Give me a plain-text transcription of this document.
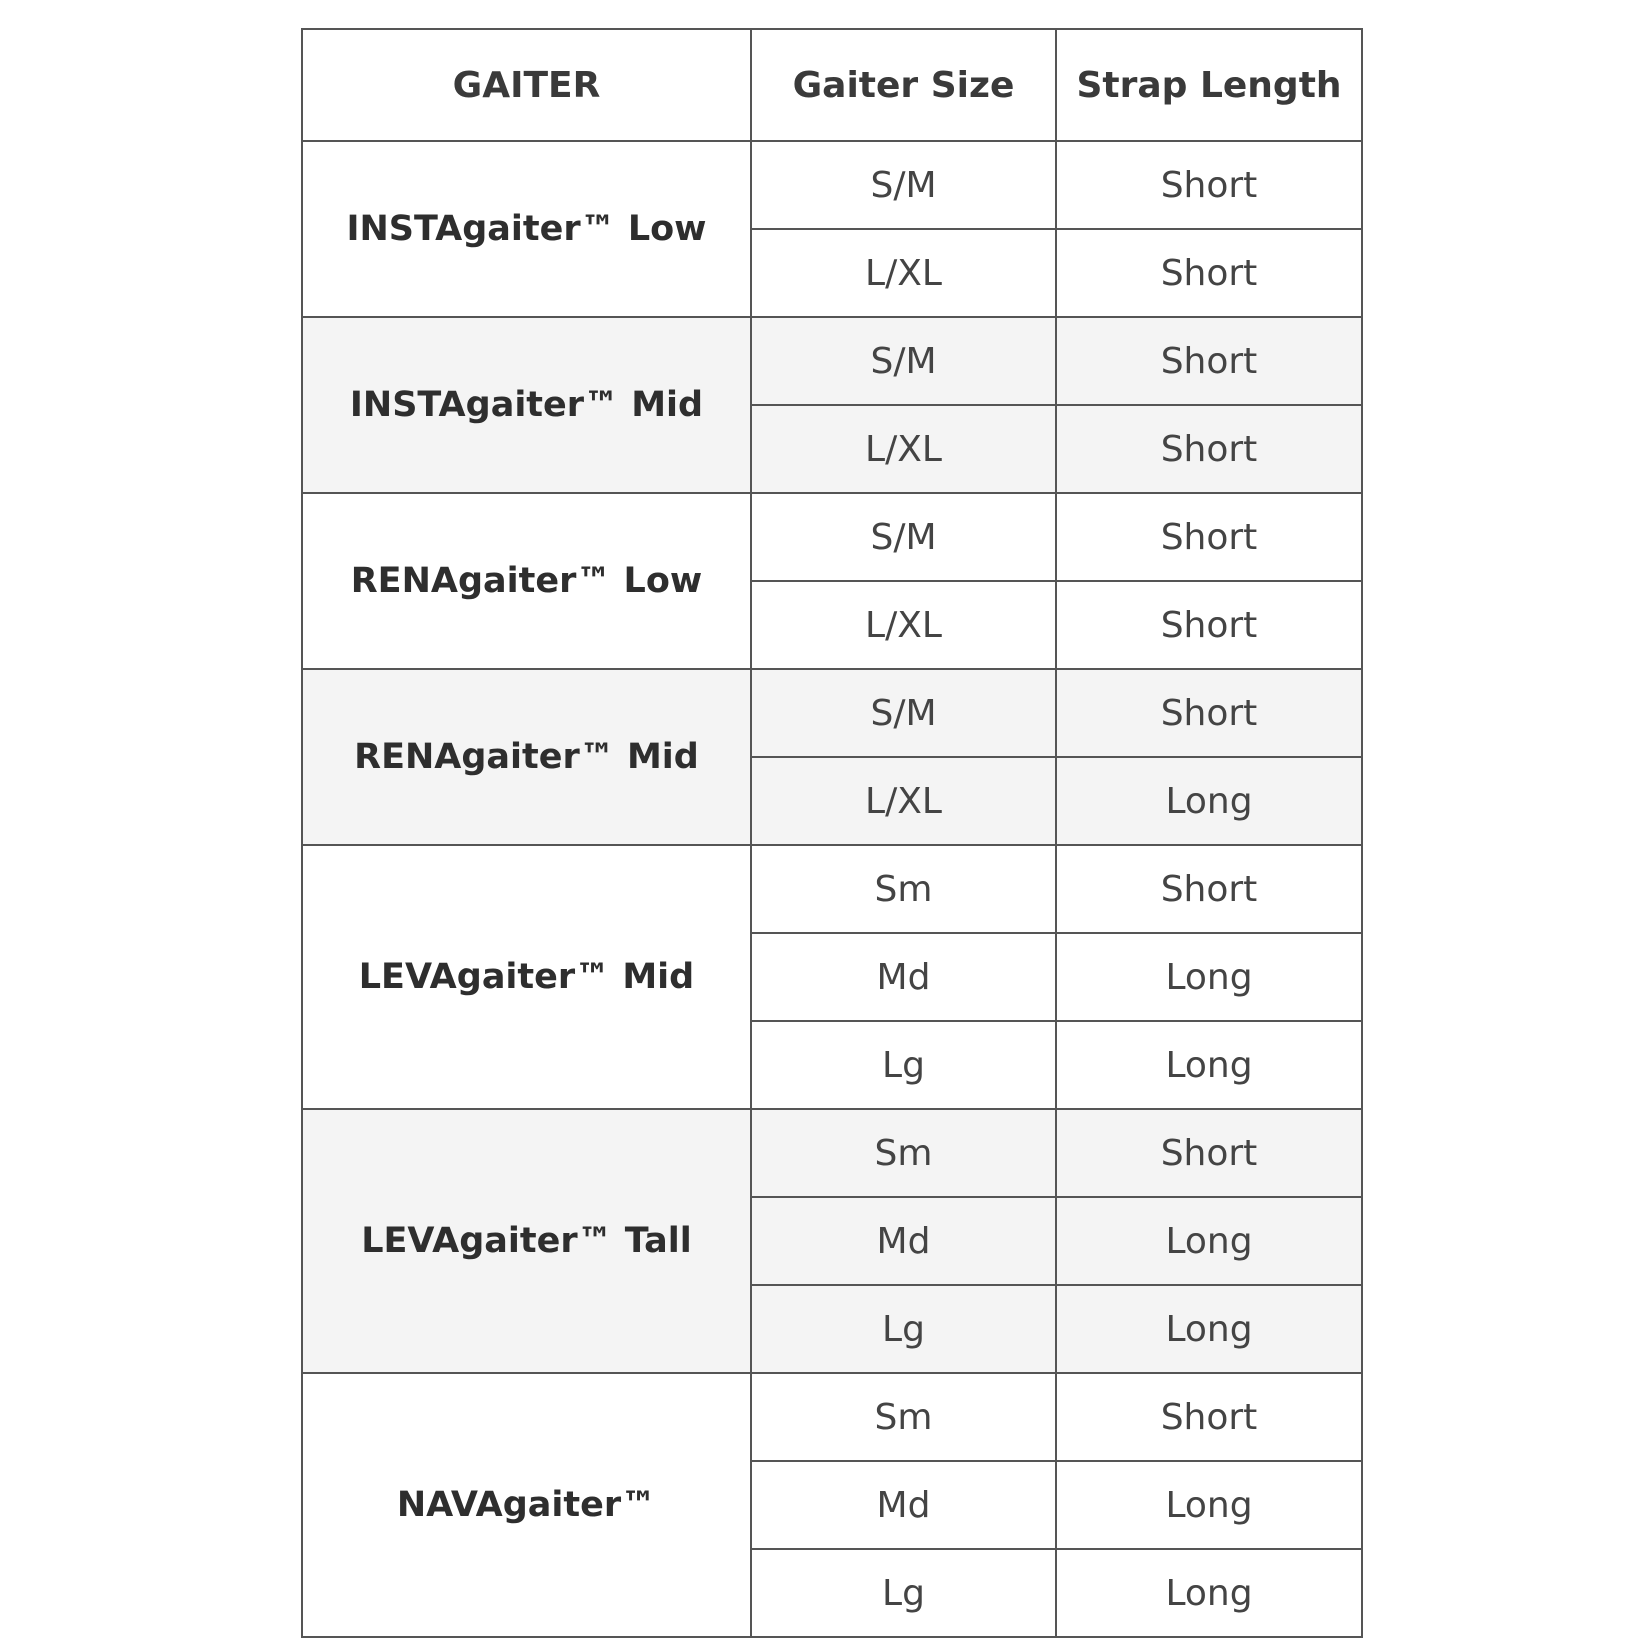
GAITER	Gaiter Size	Strap Length
INSTAgaiter™ Low	S/M	Short
	L/XL	Short
INSTAgaiter™ Mid	S/M	Short
	L/XL	Short
RENAgaiter™ Low	S/M	Short
	L/XL	Short
RENAgaiter™ Mid	S/M	Short
	L/XL	Long
LEVAgaiter™ Mid	Sm	Short
	Md	Long
	Lg	Long
LEVAgaiter™ Tall	Sm	Short
	Md	Long
	Lg	Long
NAVAgaiter™	Sm	Short
	Md	Long
	Lg	Long
